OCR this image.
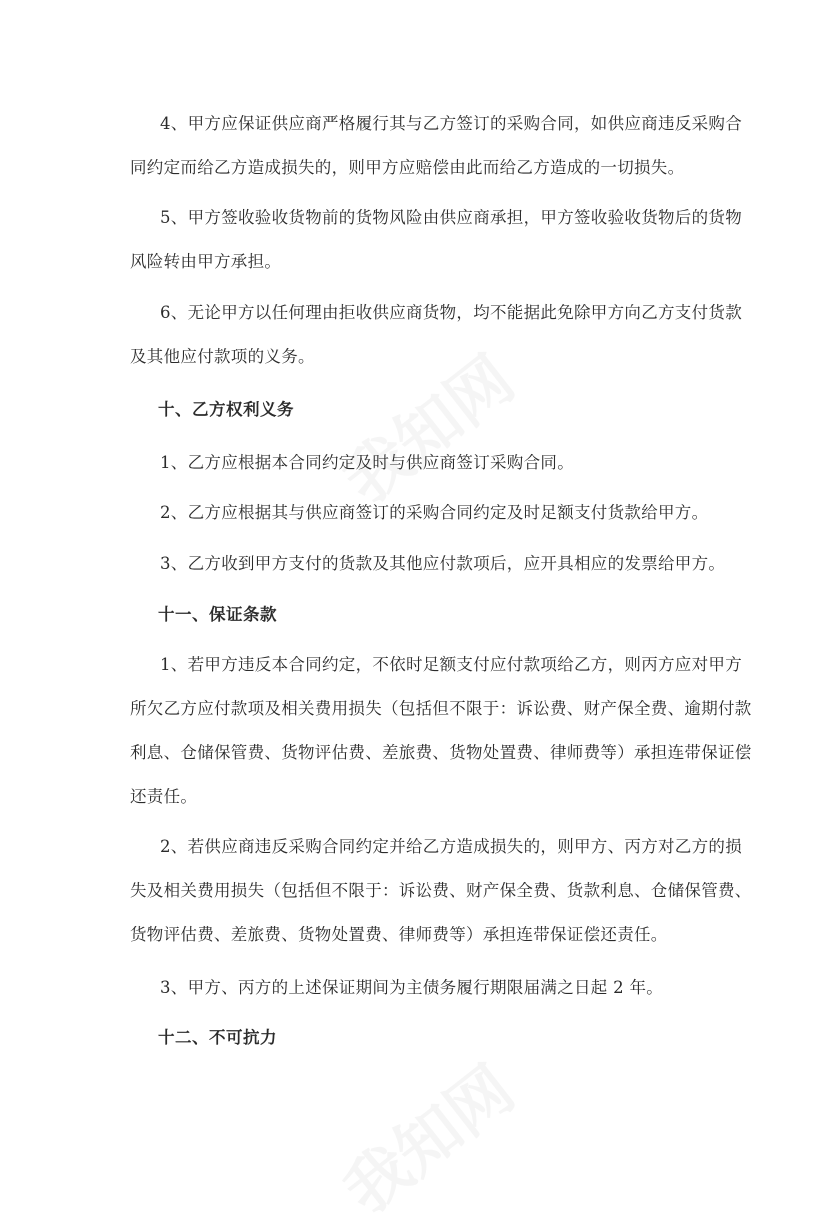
4、甲方应保证供应商严格履行其与乙方签订的采购合同，如供应商违反采购合
同约定而给乙方造成损失的，则甲方应赔偿由此而给乙方造成的一切损失。
5、甲方签收验收货物前的货物风险由供应商承担，甲方签收验收货物后的货物
风险转由甲方承担。
6、无论甲方以任何理由拒收供应商货物，均不能据此免除甲方向乙方支付货款
及其他应付款项的义务。
十、乙方权利义务
1、乙方应根据本合同约定及时与供应商签订采购合同。
2、乙方应根据其与供应商签订的采购合同约定及时足额支付货款给甲方。
3、乙方收到甲方支付的货款及其他应付款项后，应开具相应的发票给甲方。
十一、保证条款
1、若甲方违反本合同约定，不依时足额支付应付款项给乙方，则丙方应对甲方
所欠乙方应付款项及相关费用损失（包括但不限于：诉讼费、财产保全费、逾期付款
利息、仓储保管费、货物评估费、差旅费、货物处置费、律师费等）承担连带保证偿
还责任。
2、若供应商违反采购合同约定并给乙方造成损失的，则甲方、丙方对乙方的损
失及相关费用损失（包括但不限于：诉讼费、财产保全费、货款利息、仓储保管费、
货物评估费、差旅费、货物处置费、律师费等）承担连带保证偿还责任。
3、甲方、丙方的上述保证期间为主债务履行期限届满之日起 2 年。
十二、不可抗力
